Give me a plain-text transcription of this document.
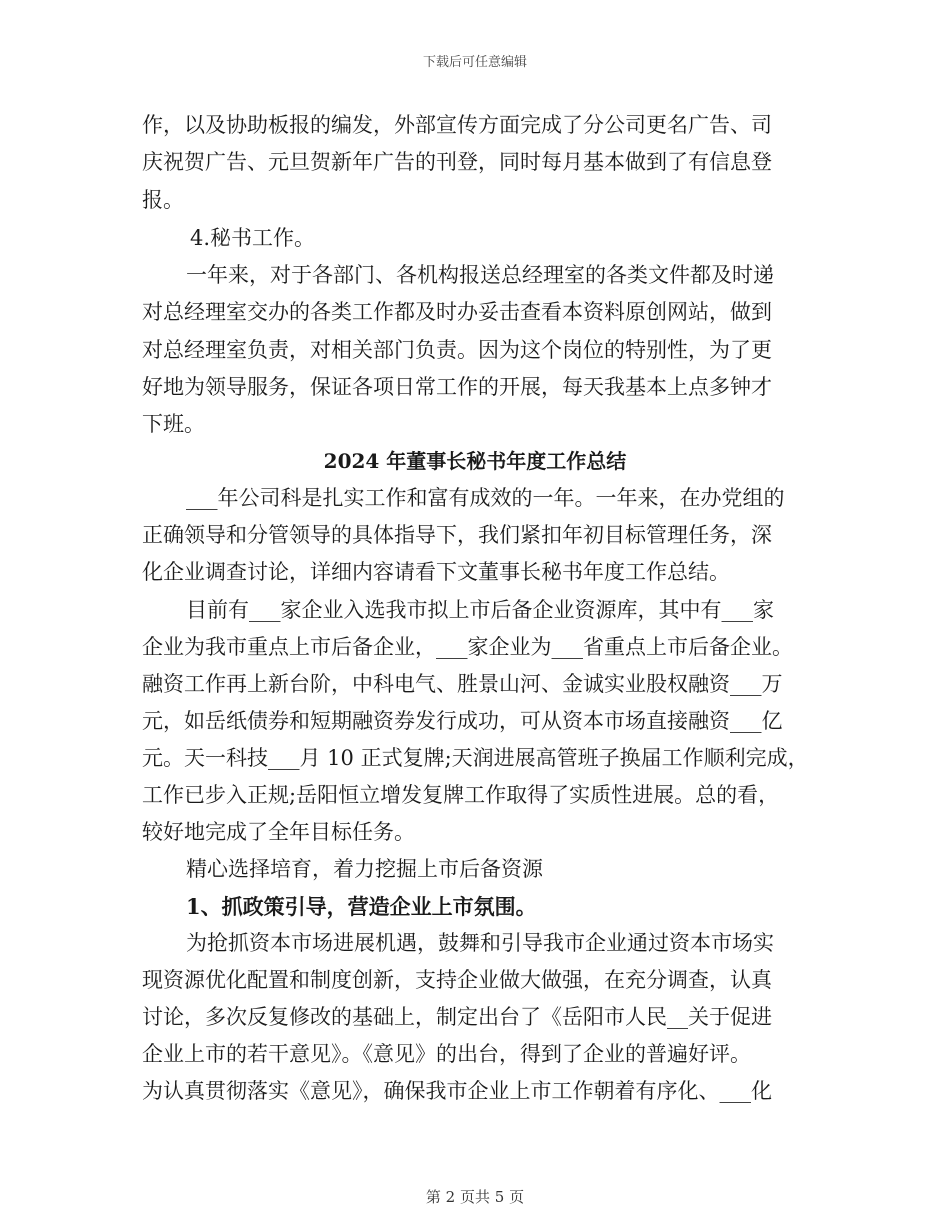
下载后可任意编辑
作，以及协助板报的编发，外部宣传方面完成了分公司更名广告、司
庆祝贺广告、元旦贺新年广告的刊登，同时每月基本做到了有信息登
报。
4.秘书工作。
一年来，对于各部门、各机构报送总经理室的各类文件都及时递
对总经理室交办的各类工作都及时办妥击查看本资料原创网站，做到
对总经理室负责，对相关部门负责。因为这个岗位的特别性，为了更
好地为领导服务，保证各项日常工作的开展，每天我基本上点多钟才
下班。
2024 年董事长秘书年度工作总结
___年公司科是扎实工作和富有成效的一年。一年来，在办党组的
正确领导和分管领导的具体指导下，我们紧扣年初目标管理任务，深
化企业调查讨论，详细内容请看下文董事长秘书年度工作总结。
目前有___家企业入选我市拟上市后备企业资源库，其中有___家
企业为我市重点上市后备企业，___家企业为___省重点上市后备企业。
融资工作再上新台阶，中科电气、胜景山河、金诚实业股权融资___万
元，如岳纸债券和短期融资券发行成功，可从资本市场直接融资___亿
元。天一科技___月 10 正式复牌;天润进展高管班子换届工作顺利完成，
工作已步入正规;岳阳恒立增发复牌工作取得了实质性进展。总的看，
较好地完成了全年目标任务。
精心选择培育，着力挖掘上市后备资源
1、抓政策引导，营造企业上市氛围。
为抢抓资本市场进展机遇，鼓舞和引导我市企业通过资本市场实
现资源优化配置和制度创新，支持企业做大做强，在充分调查，认真
讨论，多次反复修改的基础上，制定出台了《岳阳市人民__关于促进
企业上市的若干意见》。《意见》的出台，得到了企业的普遍好评。
为认真贯彻落实《意见》，确保我市企业上市工作朝着有序化、___化
第 2 页共 5 页
